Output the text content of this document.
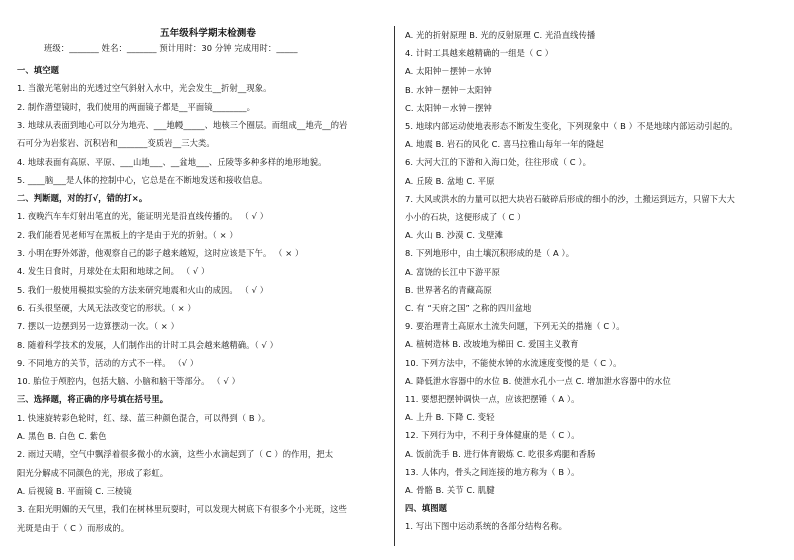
五年级科学期末检测卷
班级：_______ 姓名：_______ 预计用时：30 分钟 完成用时：_____
一、填空题
1. 当激光笔射出的光透过空气斜射入水中，光会发生__折射__现象。
2. 制作潜望镜时，我们使用的两面镜子都是__平面镜________。
3. 地球从表面到地心可以分为地壳、___地幔_____、地核三个圈层。而组成__地壳__的岩
石可分为岩浆岩、沉积岩和_______变质岩__三大类。
4. 地球表面有高原、平原、___山地___、__盆地___、丘陵等多种多样的地形地貌。
5. ____脑___是人体的控制中心，它总是在不断地发送和接收信息。
二、判断题，对的打√，错的打×。
1. 夜晚汽车车灯射出笔直的光，能证明光是沿直线传播的。 （ √ ）
2. 我们能看见老师写在黑板上的字是由于光的折射。（ × ）
3. 小明在野外郊游，他观察自己的影子越来越短，这时应该是下午。 （ × ）
4. 发生日食时，月球处在太阳和地球之间。 （ √ ）
5. 我们一般使用模拟实验的方法来研究地震和火山的成因。 （ √ ）
6. 石头很坚硬，大风无法改变它的形状。（ × ）
7. 摆以一边摆到另一边算摆动一次。（ × ）
8. 随着科学技术的发展，人们制作出的计时工具会越来越精确。（ √ ）
9. 不同地方的关节，活动的方式不一样。 （√ ）
10. 胎位于颅腔内，包括大脑、小脑和脑干等部分。 （ √ ）
三、选择题，将正确的序号填在括号里。
1. 快速旋转彩色轮时，红、绿、蓝三种颜色混合，可以得到（ B ）。
A. 黑色 B. 白色 C. 紫色
2. 雨过天晴，空气中飘浮着很多微小的水滴，这些小水滴起到了（ C ）的作用，把太
阳光分解成不同颜色的光，形成了彩虹。
A. 后视镜 B. 平面镜 C. 三棱镜
3. 在阳光明媚的天气里，我们在树林里玩耍时，可以发现大树底下有很多个小光斑，这些
光斑是由于（ C ）而形成的。
A. 光的折射原理 B. 光的反射原理 C. 光沿直线传播
4. 计时工具越来越精确的一组是（ C ）
A. 太阳钟－摆钟－水钟
B. 水钟－摆钟－太阳钟
C. 太阳钟－水钟－摆钟
5. 地球内部运动使地表形态不断发生变化，下列现象中（ B ）不是地球内部运动引起的。
A. 地震 B. 岩石的风化 C. 喜马拉雅山每年一年的隆起
6. 大河大江的下游和入海口处，往往形成（ C ）。
A. 丘陵 B. 盆地 C. 平原
7. 大风或洪水的力量可以把大块岩石破碎后形成的细小的沙，土搬运到远方，只留下大大
小小的石块，这便形成了（ C ）
A. 火山 B. 沙漠 C. 戈壁滩
8. 下列地形中，由土壤沉积形成的是（ A ）。
A. 富饶的长江中下游平原
B. 世界著名的青藏高原
C. 有 “天府之国” 之称的四川盆地
9. 要治理青土高原水土流失问题，下列无关的措施（ C ）。
A. 植树造林 B. 改坡地为梯田 C. 爱国主义教育
10. 下列方法中，不能使水钟的水流速度变慢的是（ C ）。
A. 降低泄水容器中的水位 B. 使泄水孔小一点 C. 增加泄水容器中的水位
11. 要想把摆钟调快一点，应该把摆锤（ A ）。
A. 上升 B. 下降 C. 变轻
12. 下列行为中，不利于身体健康的是（ C ）。
A. 饭前洗手 B. 进行体育锻炼 C. 吃很多鸡腿和香肠
13. 人体内，骨头之间连接的地方称为（ B ）。
A. 骨骼 B. 关节 C. 肌腱
四、填图题
1. 写出下图中运动系统的各部分结构名称。
